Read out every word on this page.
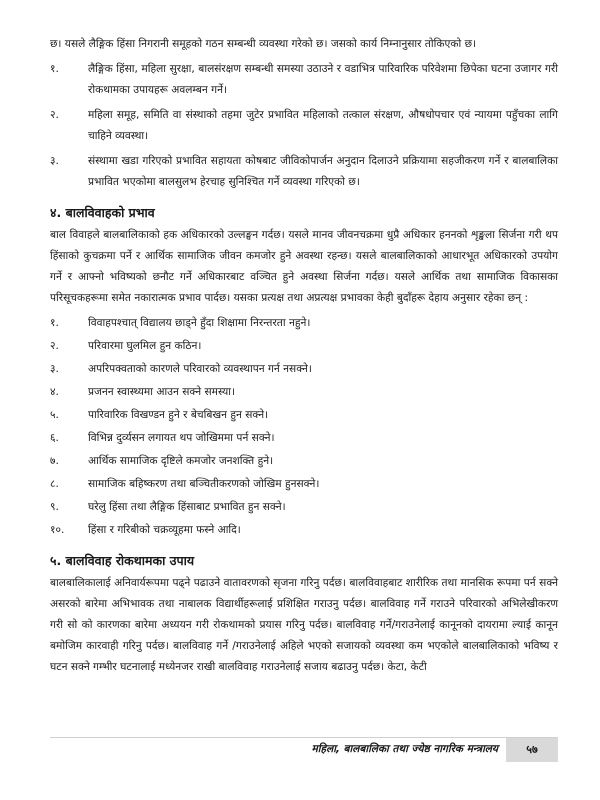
छ। यसले लैङ्गिक हिंसा निगरानी समूहको गठन सम्बन्धी व्यवस्था गरेको छ। जसको कार्य निम्नानुसार तोकिएको छ।

१.	लैङ्गिक हिंसा, महिला सुरक्षा, बालसंरक्षण सम्बन्धी समस्या उठाउने र वडाभित्र पारिवारिक परिवेशमा छिपेका घटना उजागर गरी रोकथामका उपायहरू अवलम्बन गर्ने।
२.	महिला समूह, समिति वा संस्थाको तहमा जुटेर प्रभावित महिलाको तत्काल संरक्षण, औषधोपचार एवं न्यायमा पहुँचका लागि चाहिने व्यवस्था।
३.	संस्थामा खडा गरिएको प्रभावित सहायता कोषबाट जीविकोपार्जन अनुदान दिलाउने प्रक्रियामा सहजीकरण गर्ने र बालबालिका प्रभावित भएकोमा बालसुलभ हेरचाह सुनिश्चित गर्ने व्यवस्था गरिएको छ।
४. बालविवाहको प्रभाव

बाल विवाहले बालबालिकाको हक अधिकारको उल्लङ्घन गर्दछ। यसले मानव जीवनचक्रमा धुप्रै अधिकार हननको शृङ्खला सिर्जना गरी थप हिंसाको कुचक्रमा पर्ने र आर्थिक सामाजिक जीवन कमजोर हुने अवस्था रहन्छ। यसले बालबालिकाको आधारभूत अधिकारको उपयोग गर्ने र आफ्नो भविष्यको छनौट गर्ने अधिकारबाट वञ्चित हुने अवस्था सिर्जना गर्दछ। यसले आर्थिक तथा सामाजिक विकासका परिसूचकहरूमा समेत नकारात्मक प्रभाव पार्दछ। यसका प्रत्यक्ष तथा अप्रत्यक्ष प्रभावका केही बुदाँहरू देहाय अनुसार रहेका छन् :

१.	विवाहपश्चात् विद्यालय छाड्ने हुँदा शिक्षामा निरन्तरता नहुने।
२.	परिवारमा घुलमिल हुन कठिन।
३.	अपरिपक्वताको कारणले परिवारको व्यवस्थापन गर्न नसक्ने।
४.	प्रजनन स्वास्थ्यमा आउन सक्ने समस्या।
५.	पारिवारिक विखण्डन हुने र बेचबिखन हुन सक्ने।
६.	विभिन्न दुर्व्यसन लगायत थप जोखिममा पर्न सक्ने।
७.	आर्थिक सामाजिक दृष्टिले कमजोर जनशक्ति हुने।
८.	सामाजिक बहिष्करण तथा बञ्चितीकरणको जोखिम हुनसक्ने।
९.	घरेलु हिंसा तथा लैङ्गिक हिंसाबाट प्रभावित हुन सक्ने।
१०.	हिंसा र गरिबीको चक्रव्यूहमा फस्ने आदि।
५. बालविवाह रोकथामका उपाय

बालबालिकालाई अनिवार्यरूपमा पढ्ने पढाउने वातावरणको सृजना गरिनु पर्दछ। बालविवाहबाट शारीरिक तथा मानसिक रूपमा पर्न सक्ने असरको बारेमा अभिभावक तथा नाबालक विद्यार्थीहरूलाई प्रशिक्षित गराउनु पर्दछ। बालविवाह गर्ने गराउने परिवारको अभिलेखीकरण गरी सो को कारणका बारेमा अध्ययन गरी रोकथामको प्रयास गरिनु पर्दछ। बालविवाह गर्ने/गराउनेलाई कानूनको दायरामा ल्याई कानून बमोजिम कारवाही गरिनु पर्दछ। बालविवाह गर्ने /गराउनेलाई अहिले भएको सजायको व्यवस्था कम भएकोले बालबालिकाको भविष्य र घटन सक्ने गम्भीर घटनालाई मध्येनजर राखी बालविवाह गराउनेलाई सजाय बढाउनु पर्दछ। केटा, केटी

महिला, बालबालिका तथा ज्येष्ठ नागरिक मन्त्रालय	५७
